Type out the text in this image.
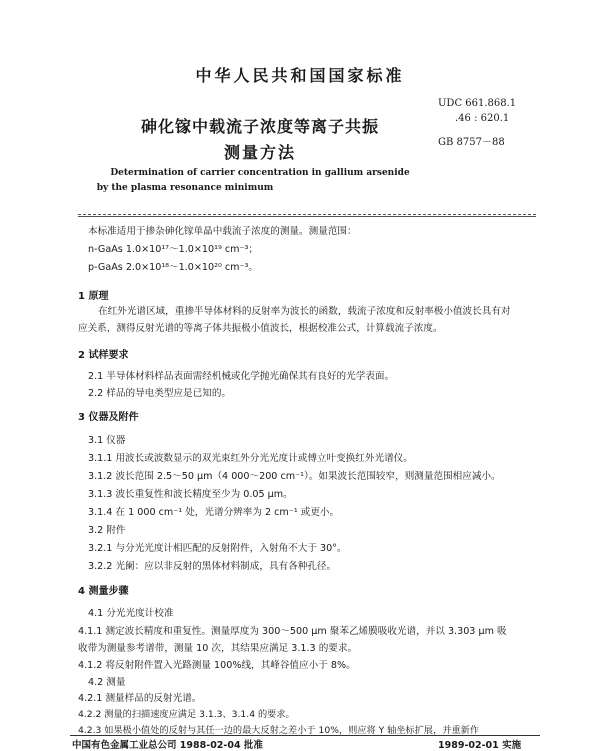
中华人民共和国国家标准
砷化镓中载流子浓度等离子共振
测量方法
UDC 661.868.1
.46 : 620.1
GB 8757－88
Determination of carrier concentration in gallium arsenide
by the plasma resonance minimum
本标准适用于掺杂砷化镓单晶中载流子浓度的测量。测量范围：
n-GaAs 1.0×10¹⁷～1.0×10¹⁹ cm⁻³；
p-GaAs 2.0×10¹⁸～1.0×10²⁰ cm⁻³。
1 原理
在红外光谱区域，重掺半导体材料的反射率为波长的函数，载流子浓度和反射率极小值波长具有对
应关系，测得反射光谱的等离子体共振极小值波长，根据校准公式，计算载流子浓度。
2 试样要求
2.1 半导体材料样品表面需经机械或化学抛光确保其有良好的光学表面。
2.2 样品的导电类型应是已知的。
3 仪器及附件
3.1 仪器
3.1.1 用波长或波数显示的双光束红外分光光度计或傅立叶变换红外光谱仪。
3.1.2 波长范围 2.5～50 μm（4 000～200 cm⁻¹）。如果波长范围较窄，则测量范围相应减小。
3.1.3 波长重复性和波长精度至少为 0.05 μm。
3.1.4 在 1 000 cm⁻¹ 处，光谱分辨率为 2 cm⁻¹ 或更小。
3.2 附件
3.2.1 与分光光度计相匹配的反射附件，入射角不大于 30°。
3.2.2 光阑：应以非反射的黑体材料制成，具有各种孔径。
4 测量步骤
4.1 分光光度计校准
4.1.1 测定波长精度和重复性。测量厚度为 300～500 μm 聚苯乙烯膜吸收光谱，并以 3.303 μm 吸
收带为测量参考谱带，测量 10 次，其结果应满足 3.1.3 的要求。
4.1.2 将反射附件置入光路测量 100%线，其峰谷值应小于 8%。
4.2 测量
4.2.1 测量样品的反射光谱。
4.2.2 测量的扫描速度应满足 3.1.3、3.1.4 的要求。
4.2.3 如果极小值处的反射与其任一边的最大反射之差小于 10%，则应将 Y 轴坐标扩展，并重新作
中国有色金属工业总公司 1988-02-04 批准	1989-02-01 实施
